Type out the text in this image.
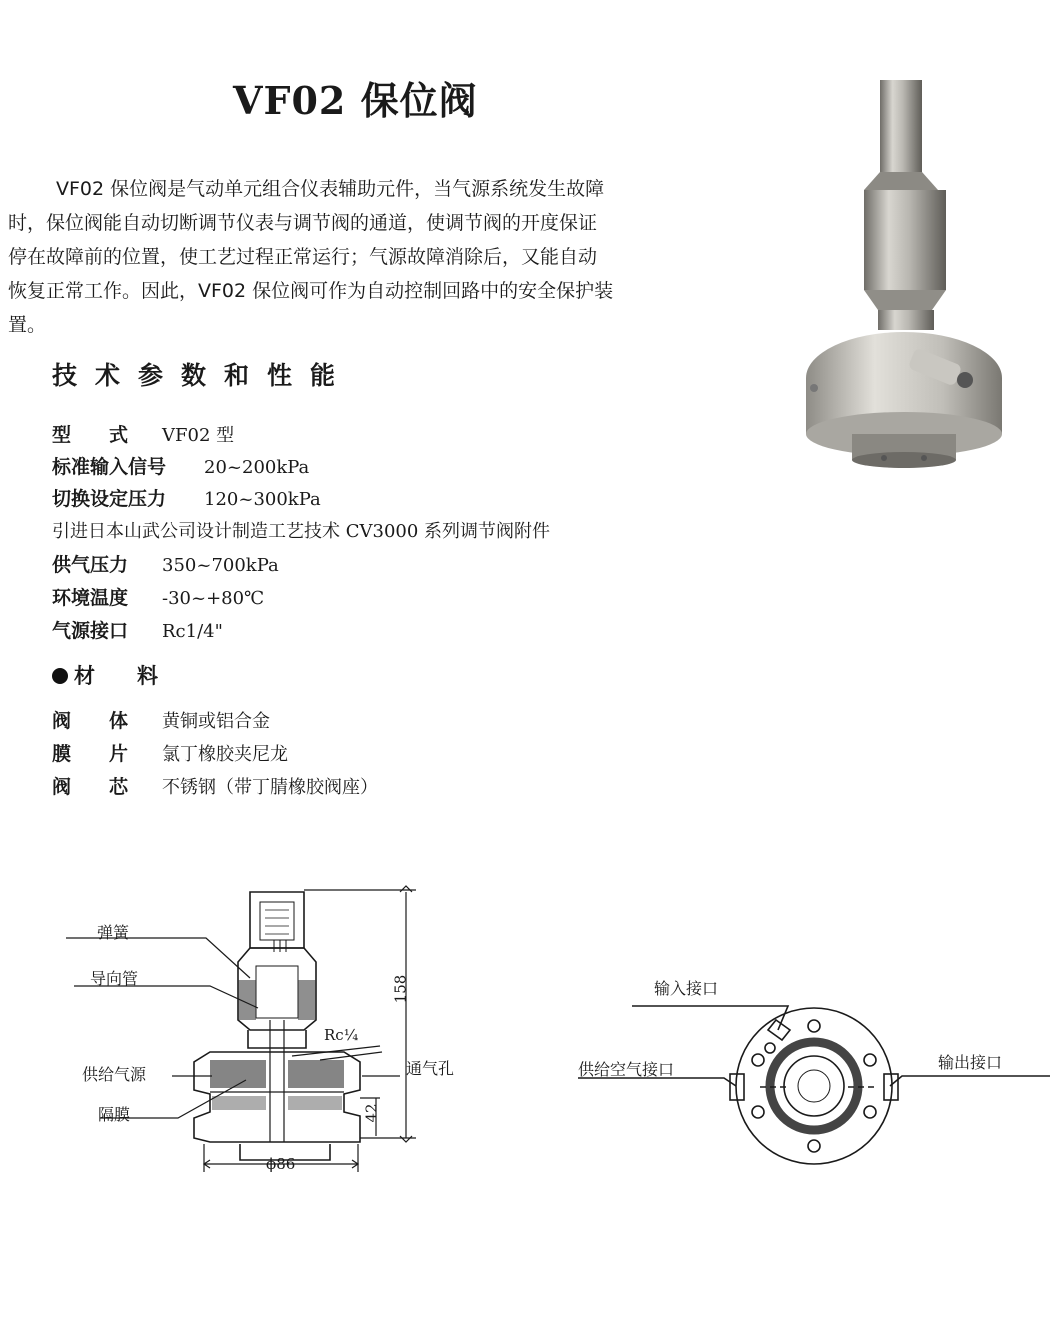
VF02 保位阀
VF02 保位阀是气动单元组合仪表辅助元件，当气源系统发生故障
时，保位阀能自动切断调节仪表与调节阀的通道，使调节阀的开度保证
停在故障前的位置，使工艺过程正常运行；气源故障消除后，又能自动
恢复正常工作。因此，VF02 保位阀可作为自动控制回路中的安全保护装
置。
技术参数和性能
型　　式 VF02 型
标准输入信号 20~200kPa
切换设定压力 120~300kPa
引进日本山武公司设计制造工艺技术 CV3000 系列调节阀附件
供气压力 350~700kPa
环境温度 -30~+80℃
气源接口 Rc1/4"
材　　料
阀　　体 黄铜或铝合金
膜　　片 氯丁橡胶夹尼龙
阀　　芯 不锈钢（带丁腈橡胶阀座）
弹簧
导向管
供给气源
隔膜
通气孔
Rc¼
158
42
ϕ86
输入接口
供给空气接口	输出接口
